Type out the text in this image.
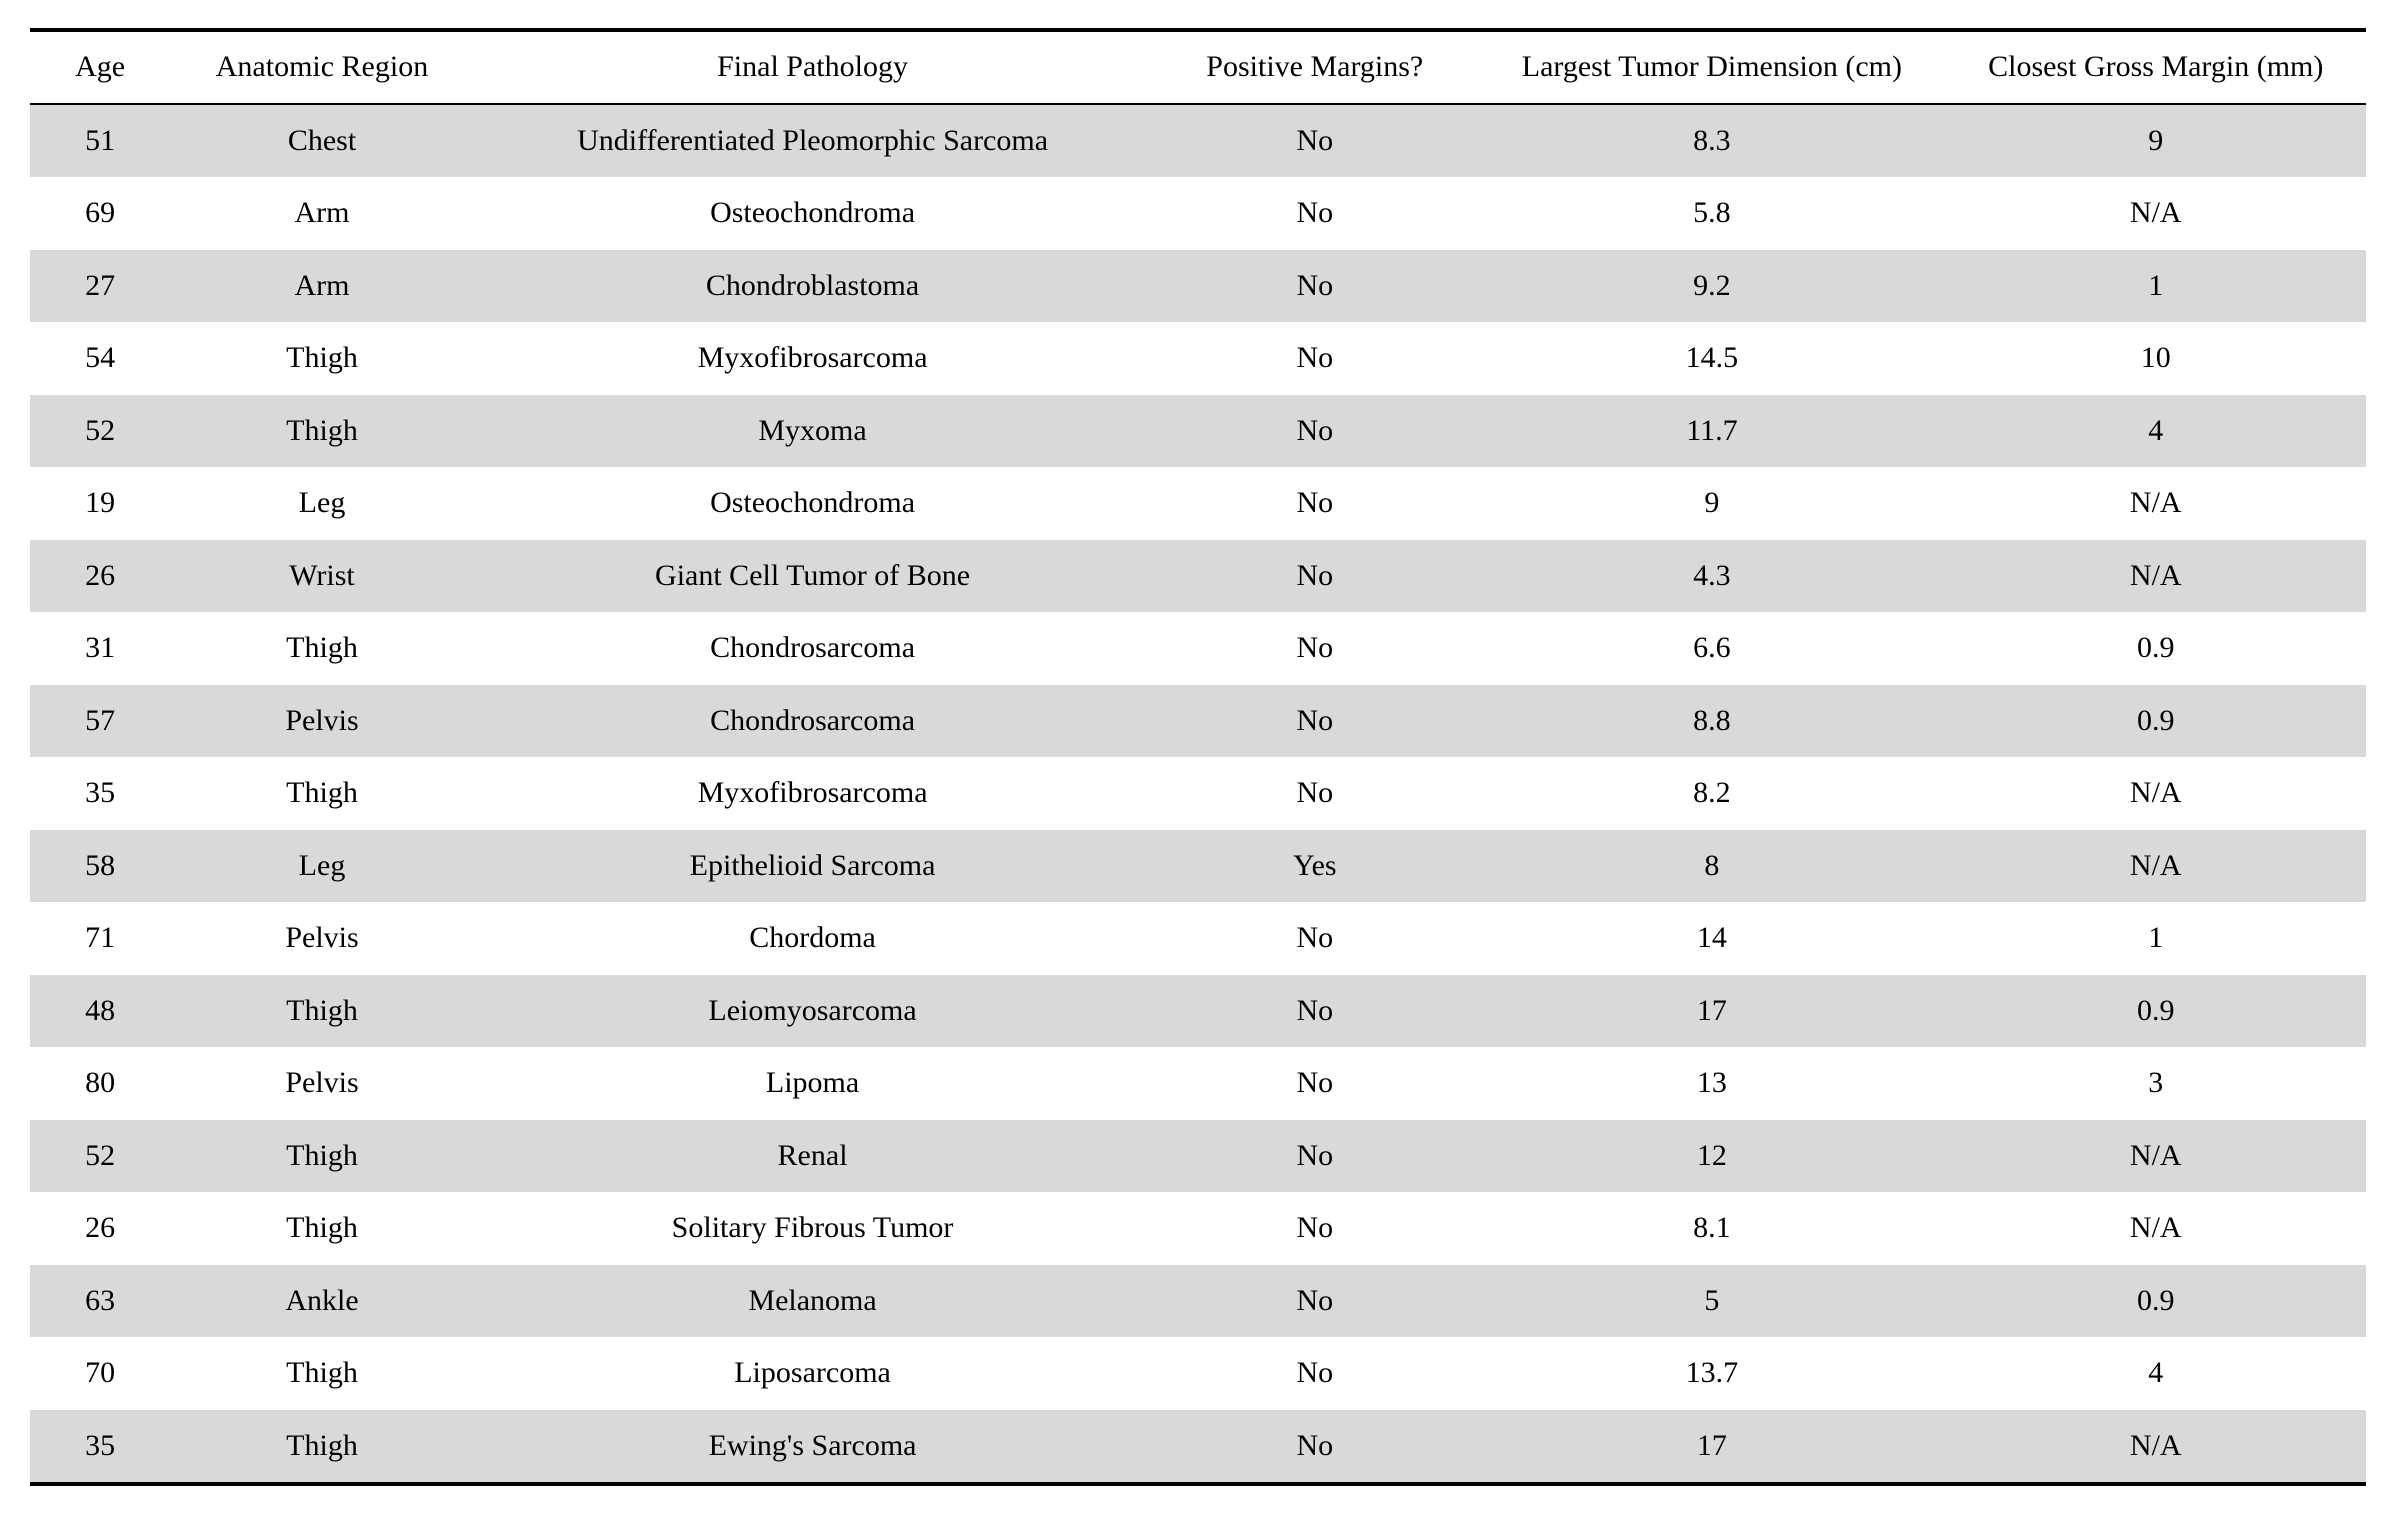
Age	Anatomic Region	Final Pathology	Positive Margins?	Largest Tumor Dimension (cm)	Closest Gross Margin (mm)
51	Chest	Undifferentiated Pleomorphic Sarcoma	No	8.3	9
69	Arm	Osteochondroma	No	5.8	N/A
27	Arm	Chondroblastoma	No	9.2	1
54	Thigh	Myxofibrosarcoma	No	14.5	10
52	Thigh	Myxoma	No	11.7	4
19	Leg	Osteochondroma	No	9	N/A
26	Wrist	Giant Cell Tumor of Bone	No	4.3	N/A
31	Thigh	Chondrosarcoma	No	6.6	0.9
57	Pelvis	Chondrosarcoma	No	8.8	0.9
35	Thigh	Myxofibrosarcoma	No	8.2	N/A
58	Leg	Epithelioid Sarcoma	Yes	8	N/A
71	Pelvis	Chordoma	No	14	1
48	Thigh	Leiomyosarcoma	No	17	0.9
80	Pelvis	Lipoma	No	13	3
52	Thigh	Renal	No	12	N/A
26	Thigh	Solitary Fibrous Tumor	No	8.1	N/A
63	Ankle	Melanoma	No	5	0.9
70	Thigh	Liposarcoma	No	13.7	4
35	Thigh	Ewing's Sarcoma	No	17	N/A
